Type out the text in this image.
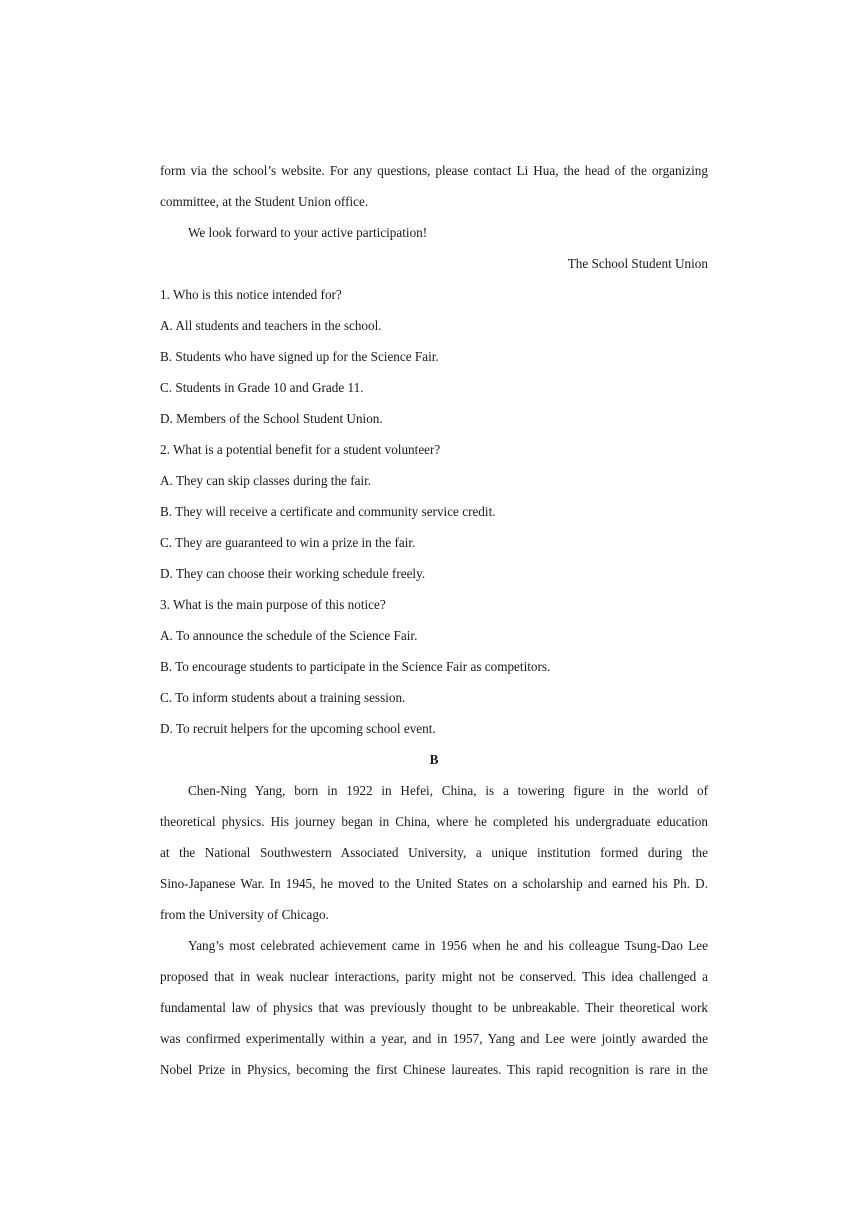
form via the school’s website. For any questions, please contact Li Hua, the head of the organizing
committee, at the Student Union office.
We look forward to your active participation!
The School Student Union
1. Who is this notice intended for?
A. All students and teachers in the school.
B. Students who have signed up for the Science Fair.
C. Students in Grade 10 and Grade 11.
D. Members of the School Student Union.
2. What is a potential benefit for a student volunteer?
A. They can skip classes during the fair.
B. They will receive a certificate and community service credit.
C. They are guaranteed to win a prize in the fair.
D. They can choose their working schedule freely.
3. What is the main purpose of this notice?
A. To announce the schedule of the Science Fair.
B. To encourage students to participate in the Science Fair as competitors.
C. To inform students about a training session.
D. To recruit helpers for the upcoming school event.
B
Chen-Ning Yang, born in 1922 in Hefei, China, is a towering figure in the world of
theoretical physics. His journey began in China, where he completed his undergraduate education
at the National Southwestern Associated University, a unique institution formed during the
Sino-Japanese War. In 1945, he moved to the United States on a scholarship and earned his Ph. D.
from the University of Chicago.
Yang’s most celebrated achievement came in 1956 when he and his colleague Tsung-Dao Lee
proposed that in weak nuclear interactions, parity might not be conserved. This idea challenged a
fundamental law of physics that was previously thought to be unbreakable. Their theoretical work
was confirmed experimentally within a year, and in 1957, Yang and Lee were jointly awarded the
Nobel Prize in Physics, becoming the first Chinese laureates. This rapid recognition is rare in the
